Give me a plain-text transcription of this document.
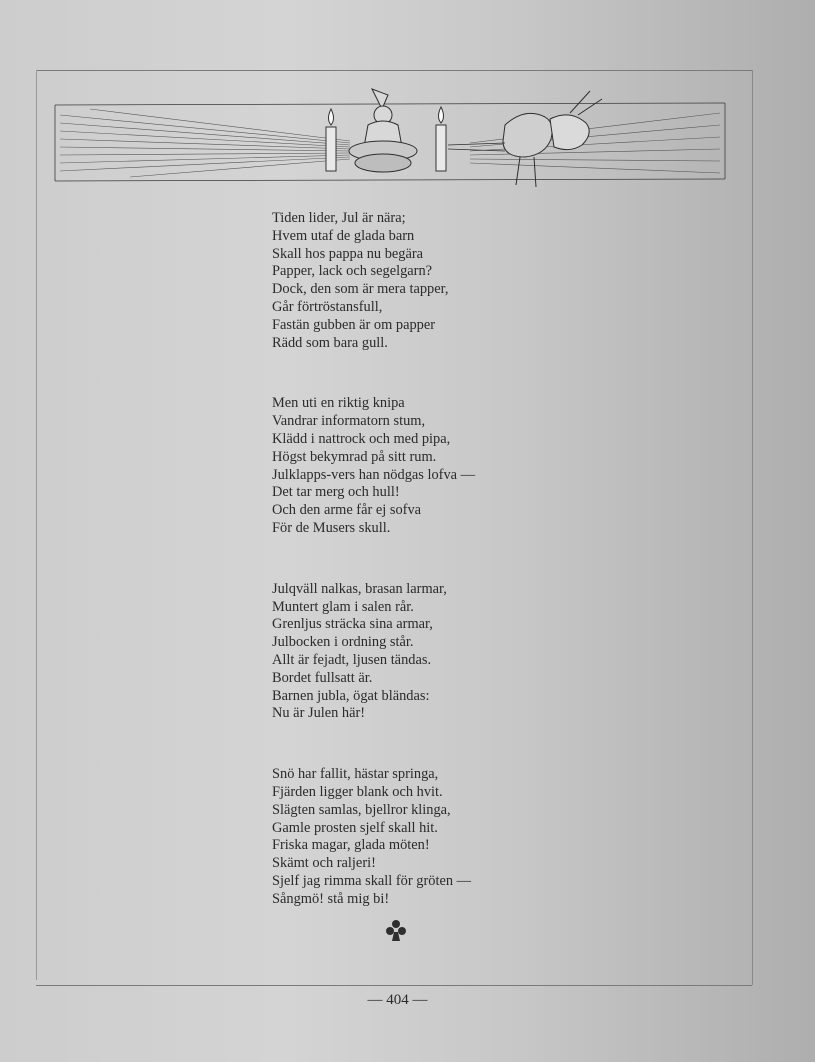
Tiden lider, Jul är nära;
Hvem utaf de glada barn
Skall hos pappa nu begära
Papper, lack och segelgarn?
Dock, den som är mera tapper,
Går förtröstansfull,
Fastän gubben är om papper
Rädd som bara gull.

Men uti en riktig knipa
Vandrar informatorn stum,
Klädd i nattrock och med pipa,
Högst bekymrad på sitt rum.
Julklapps-vers han nödgas lofva —
Det tar merg och hull!
Och den arme får ej sofva
För de Musers skull.

Julqväll nalkas, brasan larmar,
Muntert glam i salen rår.
Grenljus sträcka sina armar,
Julbocken i ordning står.
Allt är fejadt, ljusen tändas.
Bordet fullsatt är.
Barnen jubla, ögat bländas:
Nu är Julen här!

Snö har fallit, hästar springa,
Fjärden ligger blank och hvit.
Slägten samlas, bjellror klinga,
Gamle prosten sjelf skall hit.
Friska magar, glada möten!
Skämt och raljeri!
Sjelf jag rimma skall för gröten —
Sångmö! stå mig bi!

— 404 —
